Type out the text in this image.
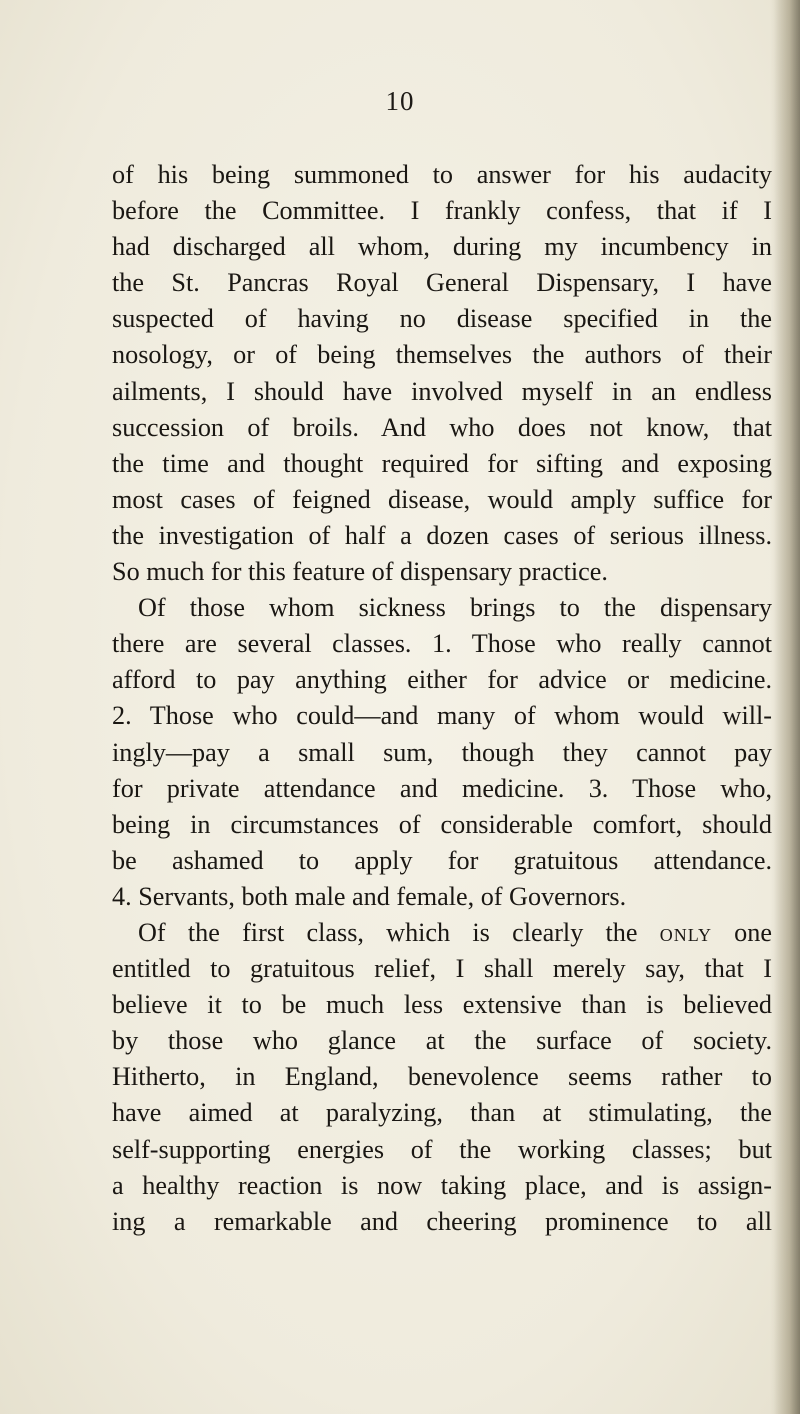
10
of his being summoned to answer for his audacity
before the Committee. I frankly confess, that if I
had discharged all whom, during my incumbency in
the St. Pancras Royal General Dispensary, I have
suspected of having no disease specified in the
nosology, or of being themselves the authors of their
ailments, I should have involved myself in an endless
succession of broils. And who does not know, that
the time and thought required for sifting and exposing
most cases of feigned disease, would amply suffice for
the investigation of half a dozen cases of serious illness.
So much for this feature of dispensary practice.
Of those whom sickness brings to the dispensary
there are several classes. 1. Those who really cannot
afford to pay anything either for advice or medicine.
2. Those who could—and many of whom would will-
ingly—pay a small sum, though they cannot pay
for private attendance and medicine. 3. Those who,
being in circumstances of considerable comfort, should
be ashamed to apply for gratuitous attendance.
4. Servants, both male and female, of Governors.
Of the first class, which is clearly the only one
entitled to gratuitous relief, I shall merely say, that I
believe it to be much less extensive than is believed
by those who glance at the surface of society.
Hitherto, in England, benevolence seems rather to
have aimed at paralyzing, than at stimulating, the
self-supporting energies of the working classes; but
a healthy reaction is now taking place, and is assign-
ing a remarkable and cheering prominence to all
